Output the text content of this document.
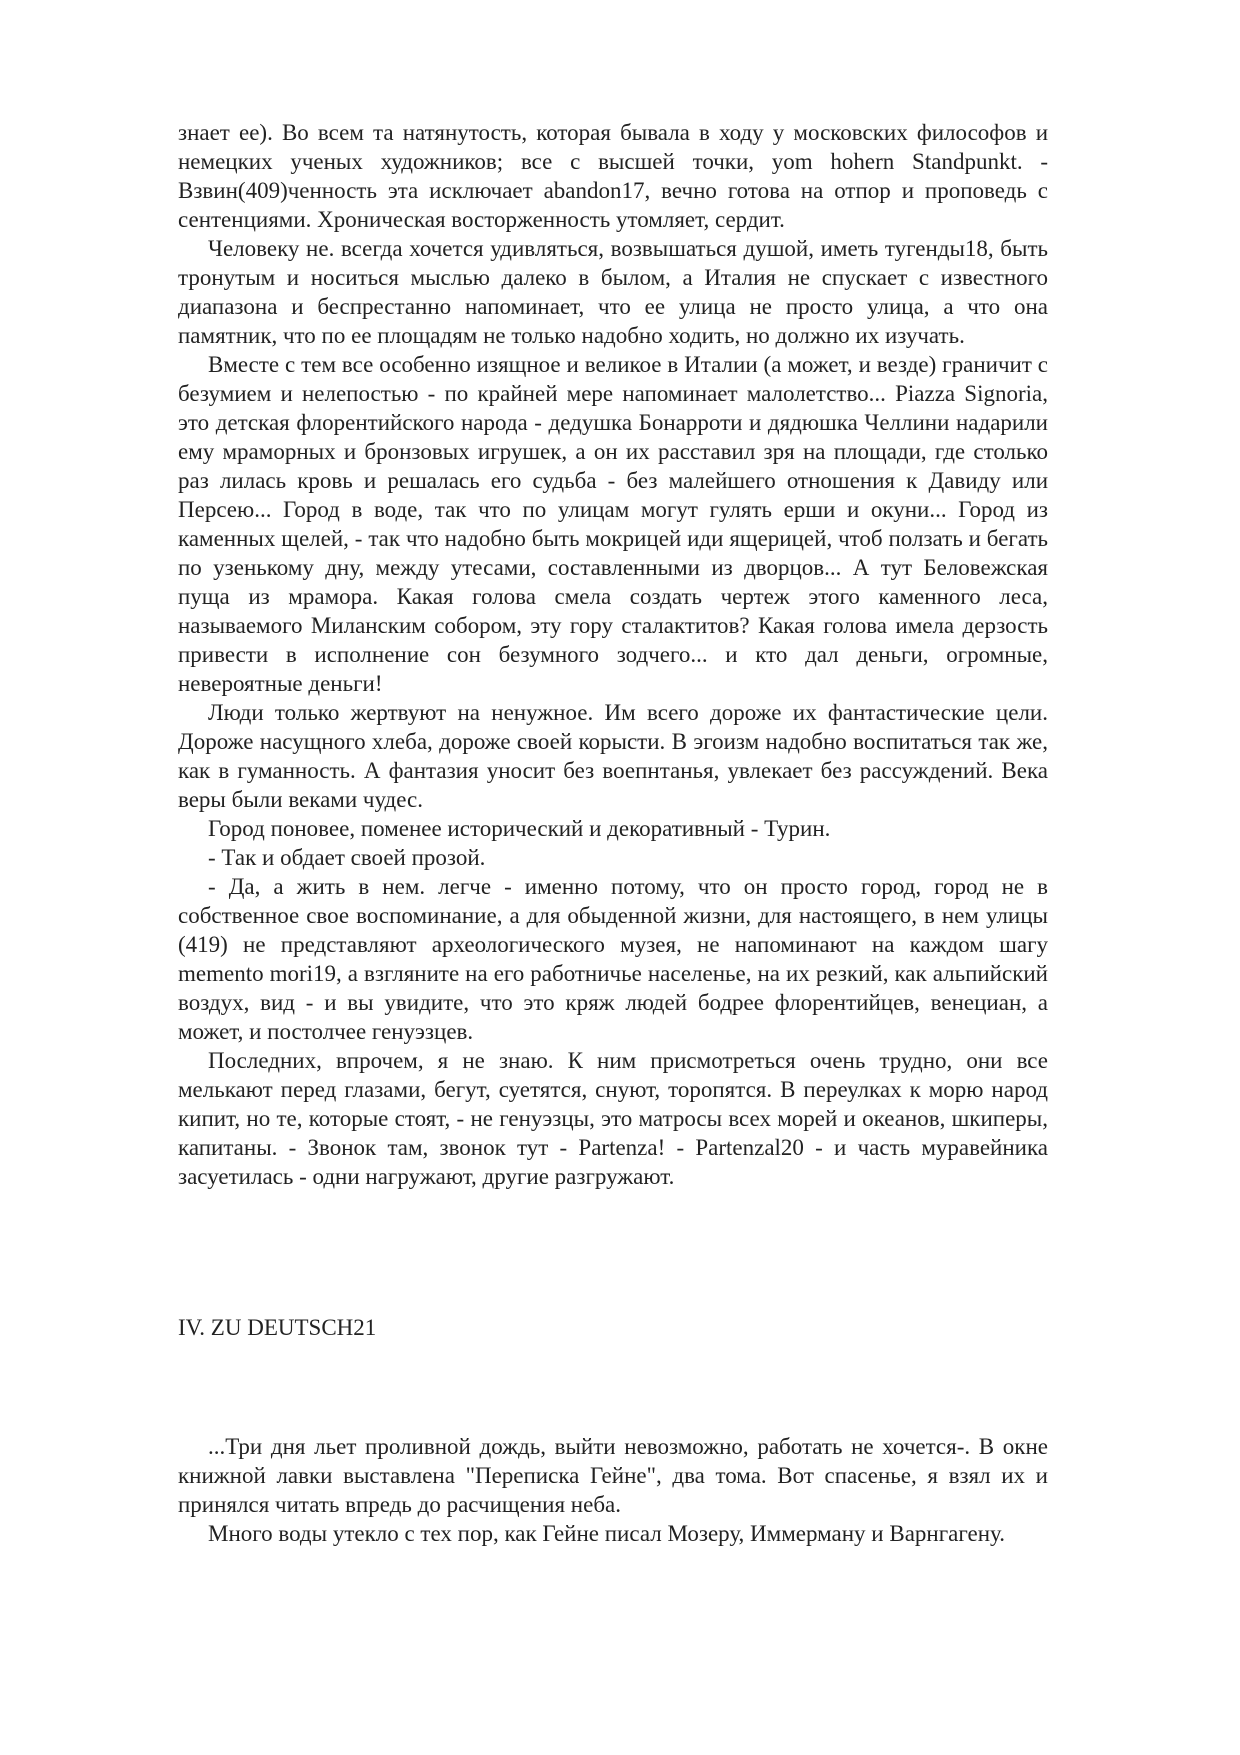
знает ее). Во всем та натянутость, которая бывала в ходу у московских философов и немецких ученых художников; все с высшей точки, yom hohern Standpunkt. - Взвин(409)ченность эта исключает abandon17, вечно готова на отпор и проповедь с сентенциями. Хроническая восторженность утомляет, сердит.

Человеку не. всегда хочется удивляться, возвышаться душой, иметь тугенды18, быть тронутым и носиться мыслью далеко в былом, а Италия не спускает с известного диапазона и беспрестанно напоминает, что ее улица не просто улица, а что она памятник, что по ее площадям не только надобно ходить, но должно их изучать.

Вместе с тем все особенно изящное и великое в Италии (а может, и везде) граничит с безумием и нелепостью - по крайней мере напоминает малолетство... Piazza Signoria, это детская флорентийского народа - дедушка Бонарроти и дядюшка Челлини надарили ему мраморных и бронзовых игрушек, а он их расставил зря на площади, где столько раз лилась кровь и решалась его судьба - без малейшего отношения к Давиду или Персею... Город в воде, так что по улицам могут гулять ерши и окуни... Город из каменных щелей, - так что надобно быть мокрицей иди ящерицей, чтоб ползать и бегать по узенькому дну, между утесами, составленными из дворцов... А тут Беловежская пуща из мрамора. Какая голова смела создать чертеж этого каменного леса, называемого Миланским собором, эту гору сталактитов? Какая голова имела дерзость привести в исполнение сон безумного зодчего... и кто дал деньги, огромные, невероятные деньги!

Люди только жертвуют на ненужное. Им всего дороже их фантастические цели. Дороже насущного хлеба, дороже своей корысти. В эгоизм надобно воспитаться так же, как в гуманность. А фантазия уносит без воепнтанья, увлекает без рассуждений. Века веры были веками чудес.

Город поновее, поменее исторический и декоративный - Турин.

- Так и обдает своей прозой.

- Да, а жить в нем. легче - именно потому, что он просто город, город не в собственное свое воспоминание, а для обыденной жизни, для настоящего, в нем улицы (419) не представляют археологического музея, не напоминают на каждом шагу memento mori19, а взгляните на его работничье населенье, на их резкий, как альпийский воздух, вид - и вы увидите, что это кряж людей бодрее флорентийцев, венециан, а может, и постолчее генуэзцев.

Последних, впрочем, я не знаю. К ним присмотреться очень трудно, они все мелькают перед глазами, бегут, суетятся, снуют, торопятся. В переулках к морю народ кипит, но те, которые стоят, - не генуэзцы, это матросы всех морей и океанов, шкиперы, капитаны. - Звонок там, звонок тут - Partenza! - Partenzal20 - и часть муравейника засуетилась - одни нагружают, другие разгружают.

IV. ZU DEUTSCH21

...Три дня льет проливной дождь, выйти невозможно, работать не хочется-. В окне книжной лавки выставлена "Переписка Гейне", два тома. Вот спасенье, я взял их и принялся читать впредь до расчищения неба.

Много воды утекло с тех пор, как Гейне писал Мозеру, Иммерману и Варнгагену.
